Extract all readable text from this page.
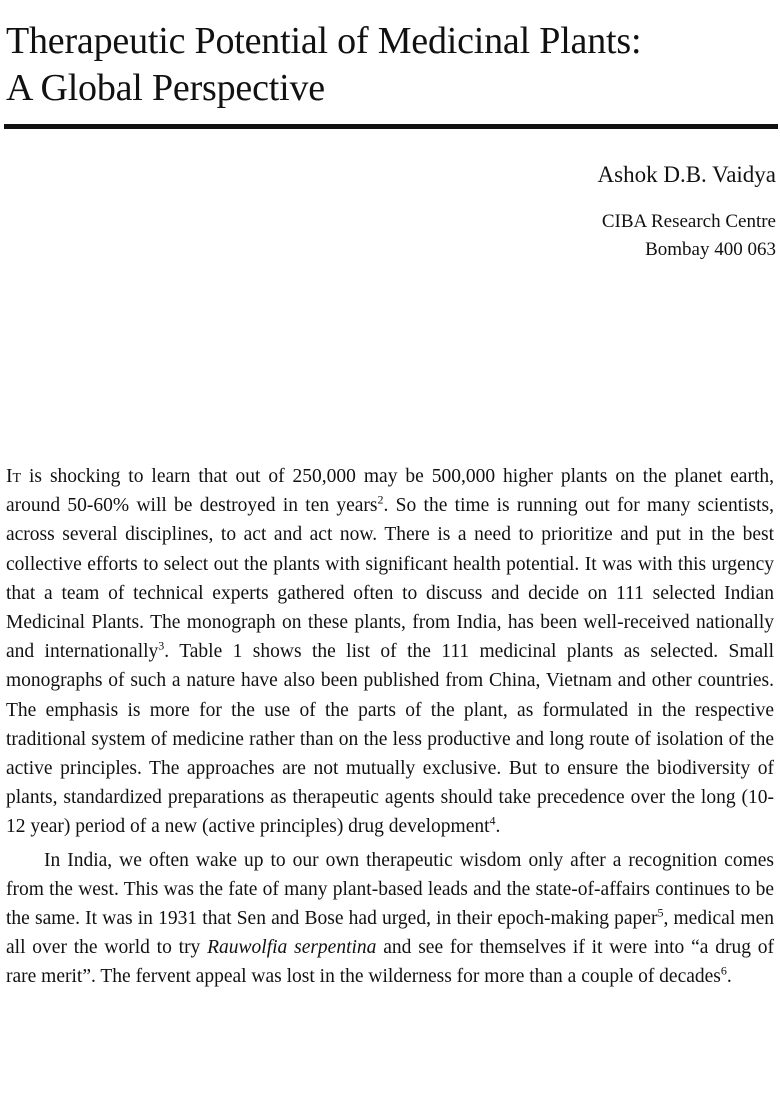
Therapeutic Potential of Medicinal Plants:
A Global Perspective
Ashok D.B. Vaidya
CIBA Research Centre
Bombay 400 063

It is shocking to learn that out of 250,000 may be 500,000 higher plants on the planet earth, around 50-60% will be destroyed in ten years$^2$. So the time is running out for many scientists, across several disciplines, to act and act now. There is a need to prioritize and put in the best collective efforts to select out the plants with significant health potential. It was with this urgency that a team of technical experts gathered often to discuss and decide on 111 selected Indian Medicinal Plants. The monograph on these plants, from India, has been well-received nationally and internationally$^3$. Table 1 shows the list of the 111 medicinal plants as selected. Small monographs of such a nature have also been published from China, Vietnam and other countries. The emphasis is more for the use of the parts of the plant, as formulated in the respective traditional system of medicine rather than on the less productive and long route of isolation of the active principles. The approaches are not mutually exclusive. But to ensure the biodiversity of plants, standardized preparations as therapeutic agents should take precedence over the long (10-12 year) period of a new (active principles) drug development$^4$.

In India, we often wake up to our own therapeutic wisdom only after a recognition comes from the west. This was the fate of many plant-based leads and the state-of-affairs continues to be the same. It was in 1931 that Sen and Bose had urged, in their epoch-making paper$^5$, medical men all over the world to try Rauwolfia serpentina and see for themselves if it were into “a drug of rare merit”. The fervent appeal was lost in the wilderness for more than a couple of decades$^6$.
